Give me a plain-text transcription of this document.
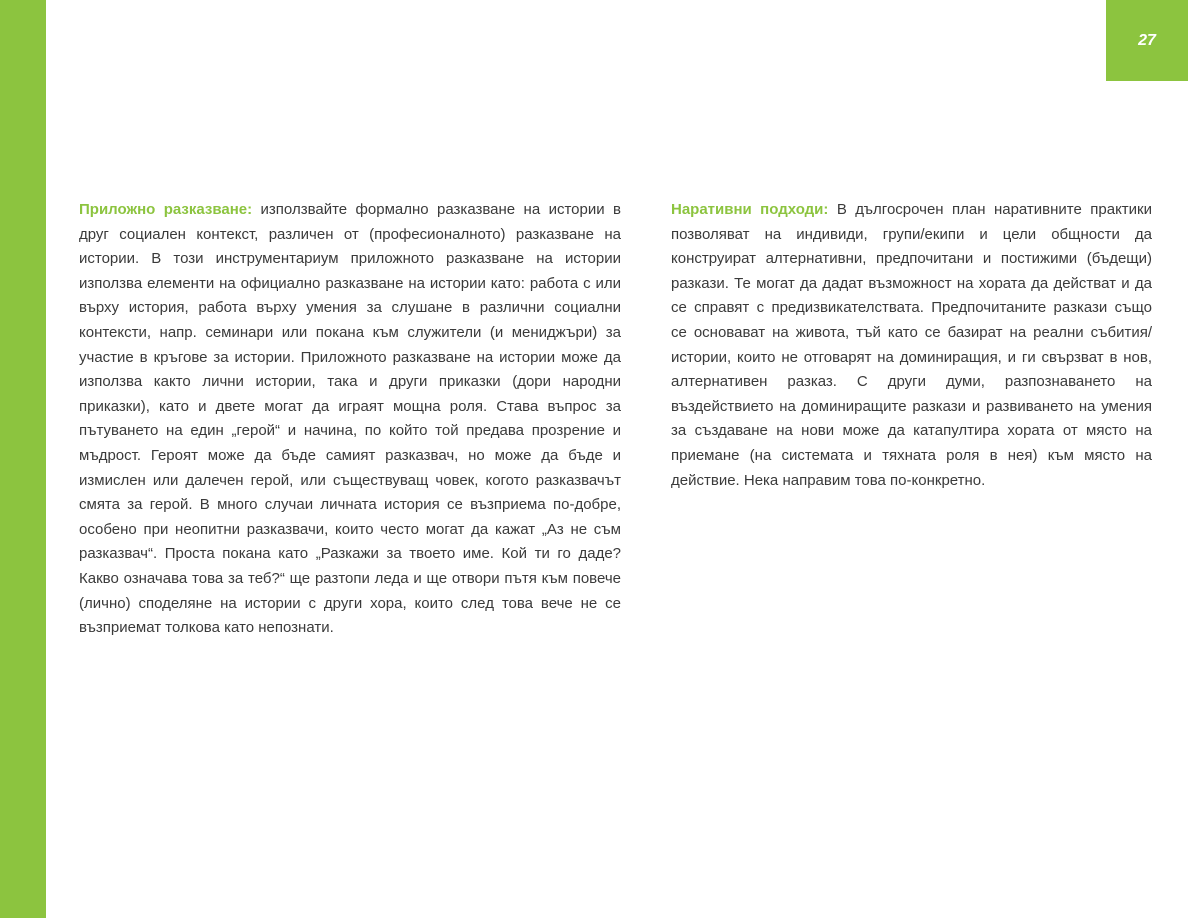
27
Приложно разказване: използвайте формално разказване на истории в друг социален контекст, различен от (професионалното) разказване на истории. В този инструментариум приложното разказване на истории използва елементи на официално разказване на истории като: работа с или върху история, работа върху умения за слушане в различни социални контексти, напр. семинари или покана към служители (и мениджъри) за участие в кръгове за истории. Приложното разказване на истории може да използва както лични истории, така и други приказки (дори народни приказки), като и двете могат да играят мощна роля. Става въпрос за пътуването на един „герой“ и начина, по който той предава прозрение и мъдрост. Героят може да бъде самият разказвач, но може да бъде и измислен или далечен герой, или съществуващ човек, когото разказвачът смята за герой. В много случаи личната история се възприема по-добре, особено при неопитни разказвачи, които често могат да кажат „Аз не съм разказвач“. Проста покана като „Разкажи за твоето име. Кой ти го даде? Какво означава това за теб?“ ще разтопи леда и ще отвори пътя към повече (лично) споделяне на истории с други хора, които след това вече не се възприемат толкова като непознати.
Наративни подходи: В дългосрочен план наративните практики позволяват на индивиди, групи/екипи и цели общности да конструират алтернативни, предпочитани и постижими (бъдещи) разкази. Те могат да дадат възможност на хората да действат и да се справят с предизвикателствата. Предпочитаните разкази също се основават на живота, тъй като се базират на реални събития/истории, които не отговарят на доминиращия, и ги свързват в нов, алтернативен разказ. С други думи, разпознаването на въздействието на доминиращите разкази и развиването на умения за създаване на нови може да катапултира хората от място на приемане (на системата и тяхната роля в нея) към място на действие. Нека направим това по-конкретно.
